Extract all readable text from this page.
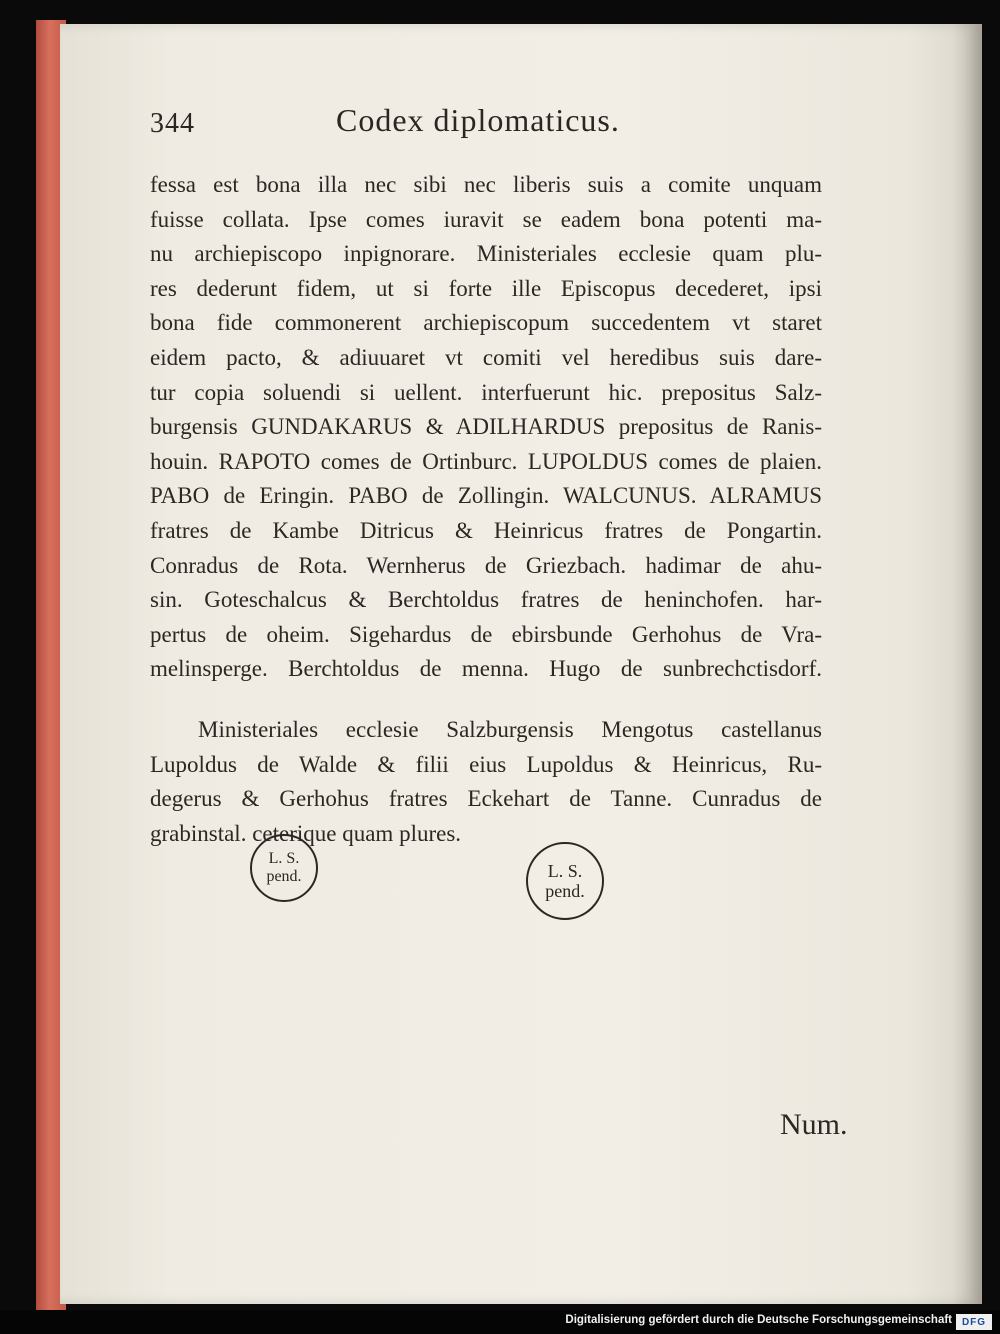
344	Codex diplomaticus.
fessa est bona illa nec sibi nec liberis suis a comite unquam
fuisse collata. Ipse comes iuravit se eadem bona potenti ma-
nu archiepiscopo inpignorare. Ministeriales ecclesie quam plu-
res dederunt fidem, ut si forte ille Episcopus decederet, ipsi
bona fide commonerent archiepiscopum succedentem vt staret
eidem pacto, & adiuuaret vt comiti vel heredibus suis dare-
tur copia soluendi si uellent. interfuerunt hic. prepositus Salz-
burgensis GUNDAKARUS & ADILHARDUS prepositus de Ranis-
houin. RAPOTO comes de Ortinburc. LUPOLDUS comes de plaien.
PABO de Eringin. PABO de Zollingin. WALCUNUS. ALRAMUS
fratres de Kambe Ditricus & Heinricus fratres de Pongartin.
Conradus de Rota. Wernherus de Griezbach. hadimar de ahu-
sin. Goteschalcus & Berchtoldus fratres de heninchofen. har-
pertus de oheim. Sigehardus de ebirsbunde Gerhohus de Vra-
melinsperge. Berchtoldus de menna. Hugo de sunbrechctisdorf.
Ministeriales ecclesie Salzburgensis Mengotus castellanus
Lupoldus de Walde & filii eius Lupoldus & Heinricus, Ru-
degerus & Gerhohus fratres Eckehart de Tanne. Cunradus de
grabinstal. ceterique quam plures.
L. S.
pend.	L. S.
pend.
Num.
Digitalisierung gefördert durch die Deutsche Forschungsgemeinschaft DFG
